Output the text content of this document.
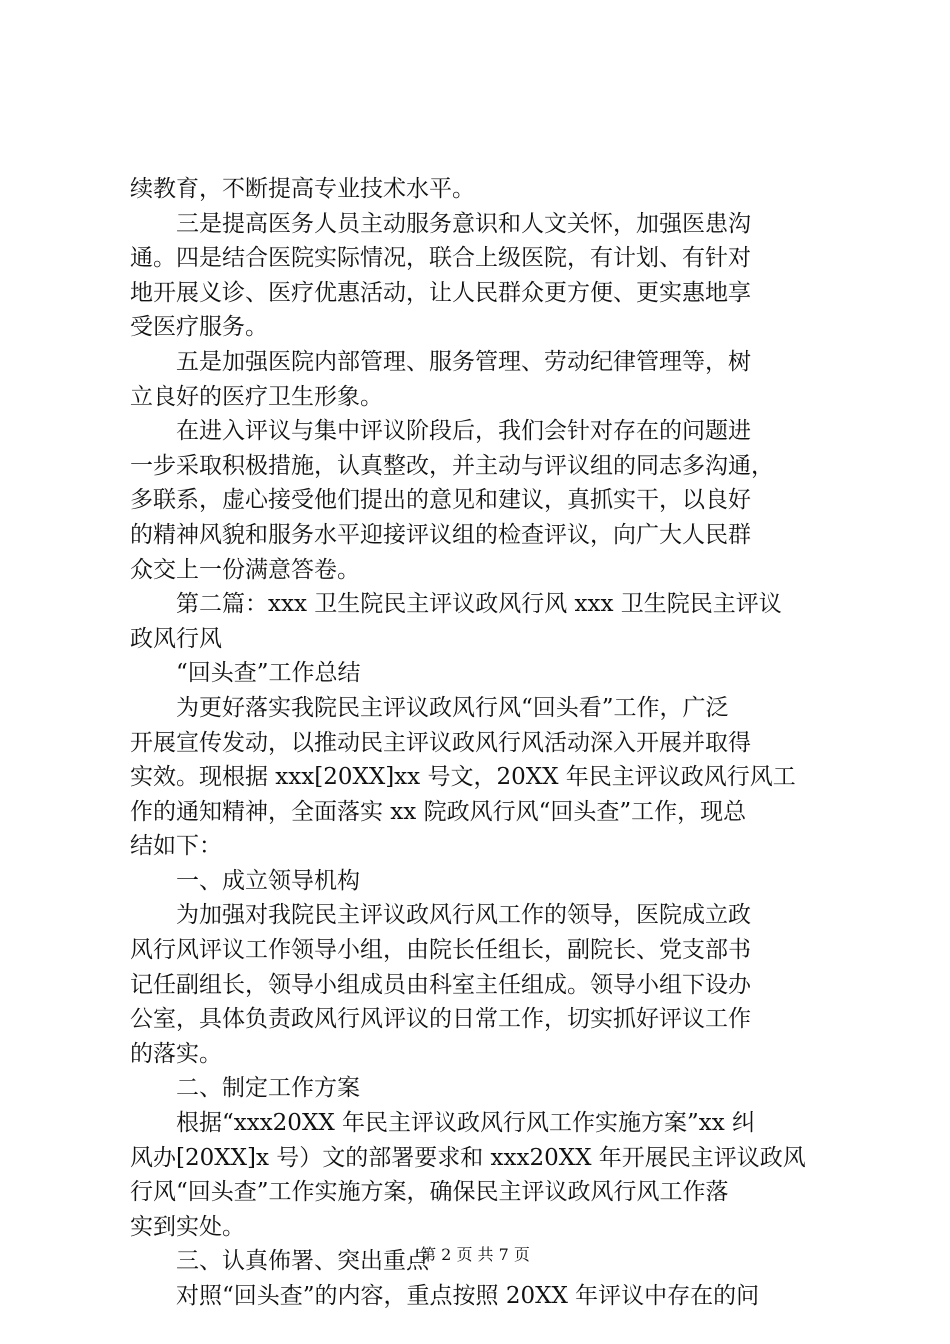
续教育，不断提高专业技术水平。
　　三是提高医务人员主动服务意识和人文关怀，加强医患沟
通。四是结合医院实际情况，联合上级医院，有计划、有针对
地开展义诊、医疗优惠活动，让人民群众更方便、更实惠地享
受医疗服务。
　　五是加强医院内部管理、服务管理、劳动纪律管理等，树
立良好的医疗卫生形象。
　　在进入评议与集中评议阶段后，我们会针对存在的问题进
一步采取积极措施，认真整改，并主动与评议组的同志多沟通，
多联系，虚心接受他们提出的意见和建议，真抓实干，以良好
的精神风貌和服务水平迎接评议组的检查评议，向广大人民群
众交上一份满意答卷。
　　第二篇：xxx 卫生院民主评议政风行风 xxx 卫生院民主评议
政风行风
　　“回头查”工作总结
　　为更好落实我院民主评议政风行风“回头看”工作，广泛
开展宣传发动，以推动民主评议政风行风活动深入开展并取得
实效。现根据 xxx[20XX]xx 号文，20XX 年民主评议政风行风工
作的通知精神，全面落实 xx 院政风行风“回头查”工作，现总
结如下：
　　一、成立领导机构
　　为加强对我院民主评议政风行风工作的领导，医院成立政
风行风评议工作领导小组，由院长任组长，副院长、党支部书
记任副组长，领导小组成员由科室主任组成。领导小组下设办
公室，具体负责政风行风评议的日常工作，切实抓好评议工作
的落实。
　　二、制定工作方案
　　根据“xxx20XX 年民主评议政风行风工作实施方案”xx 纠
风办[20XX]x 号）文的部署要求和 xxx20XX 年开展民主评议政风
行风“回头查”工作实施方案，确保民主评议政风行风工作落
实到实处。
　　三、认真佈署、突出重点
　　对照“回头查”的内容，重点按照 20XX 年评议中存在的问
第 2 页 共 7 页
